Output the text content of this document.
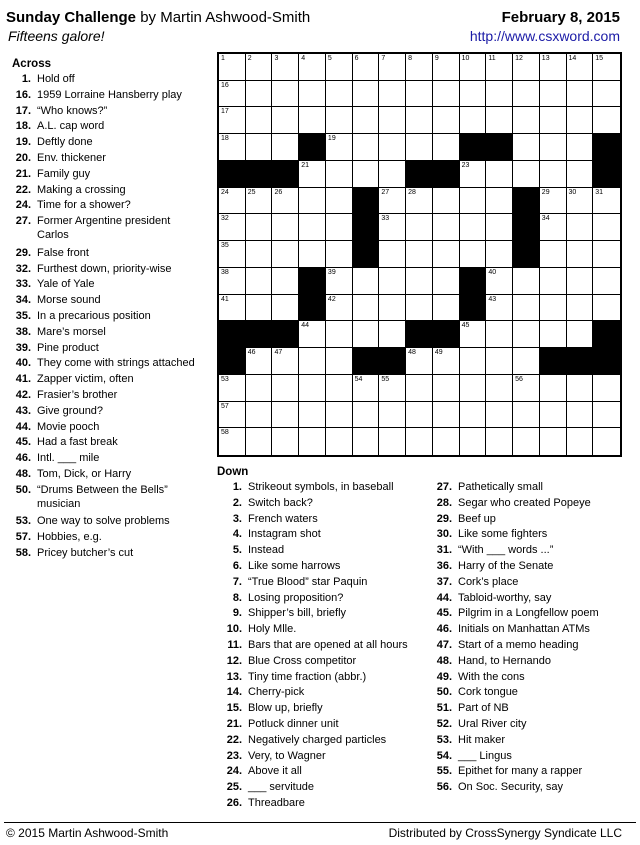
Sunday Challenge by Martin Ashwood-Smith
Fifteens galore!
February 8, 2015
http://www.csxword.com
Across
1. Hold off
16. 1959 Lorraine Hansberry play
17. “Who knows?”
18. A.L. cap word
19. Deftly done
20. Env. thickener
21. Family guy
22. Making a crossing
24. Time for a shower?
27. Former Argentine president
Carlos
29. False front
32. Furthest down, priority-wise
33. Yale of Yale
34. Morse sound
35. In a precarious position
38. Mare’s morsel
39. Pine product
40. They come with strings attached
41. Zapper victim, often
42. Frasier’s brother
43. Give ground?
44. Movie pooch
45. Had a fast break
46. Intl. ___ mile
48. Tom, Dick, or Harry
50. “Drums Between the Bells”
musician
53. One way to solve problems
57. Hobbies, e.g.
58. Pricey butcher’s cut
1	2	3	4	5	6	7	8	9	10	11	12	13	14	15
16
17
18	19
21	23
24	25	26	27	28	29	30	31
32	33	34
35
38	39	40
41	42	43
44	45
46	47	48	49
53	54	55	56
57
58
Down
1. Strikeout symbols, in baseball
2. Switch back?
3. French waters
4. Instagram shot
5. Instead
6. Like some harrows
7. “True Blood” star Paquin
8. Losing proposition?
9. Shipper’s bill, briefly
10. Holy Mlle.
11. Bars that are opened at all hours
12. Blue Cross competitor
13. Tiny time fraction (abbr.)
14. Cherry-pick
15. Blow up, briefly
21. Potluck dinner unit
22. Negatively charged particles
23. Very, to Wagner
24. Above it all
25. ___ servitude
26. Threadbare
27. Pathetically small
28. Segar who created Popeye
29. Beef up
30. Like some fighters
31. “With ___ words ...”
36. Harry of the Senate
37. Cork’s place
44. Tabloid-worthy, say
45. Pilgrim in a Longfellow poem
46. Initials on Manhattan ATMs
47. Start of a memo heading
48. Hand, to Hernando
49. With the cons
50. Cork tongue
51. Part of NB
52. Ural River city
53. Hit maker
54. ___ Lingus
55. Epithet for many a rapper
56. On Soc. Security, say
© 2015 Martin Ashwood-Smith	Distributed by CrossSynergy Syndicate LLC
